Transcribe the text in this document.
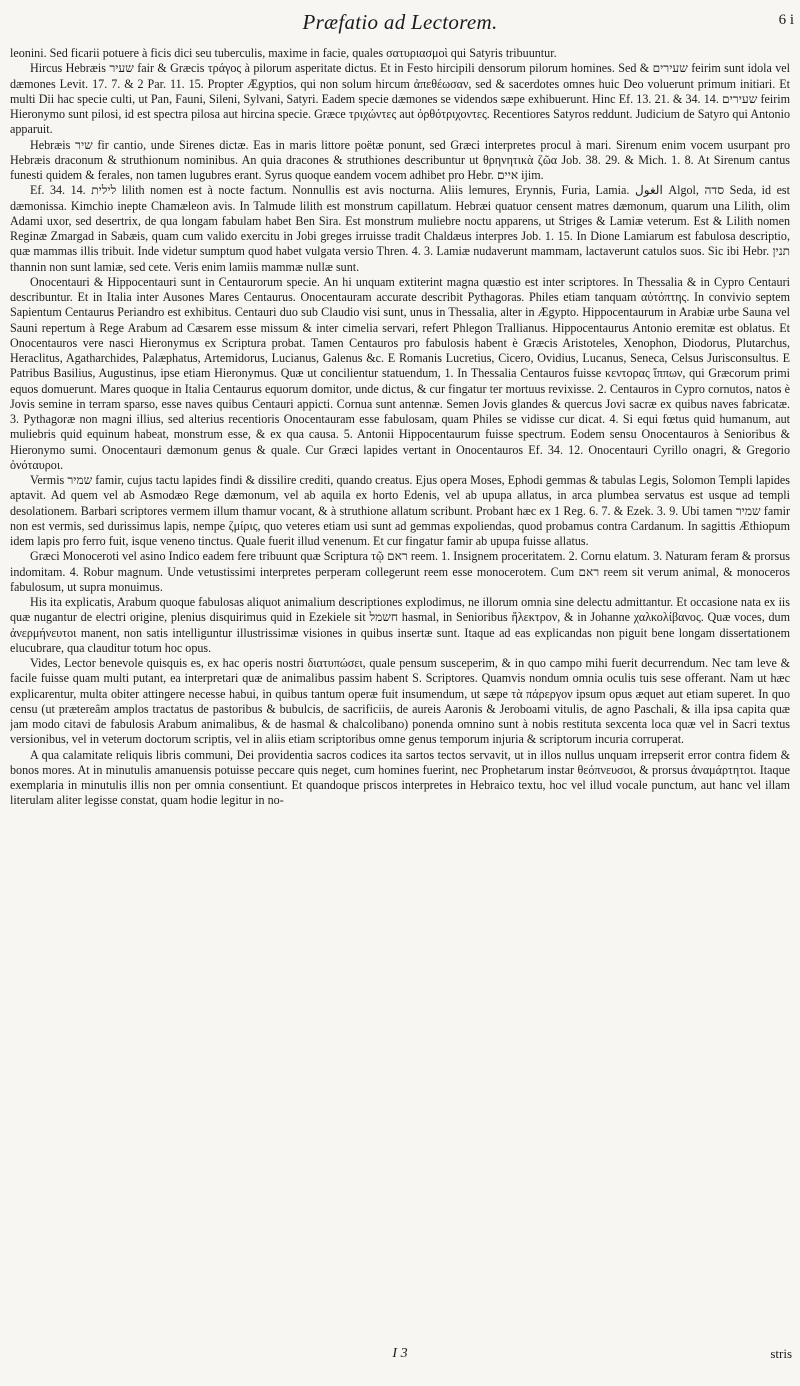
Præfatio ad Lectorem.	6 i

leonini. Sed ficarii potuere à ficis dici seu tuberculis, maxime in facie, quales σατυριασμοὶ qui Satyris tribuuntur.

Hircus Hebræis שעיר fair & Græcis τράγος à pilorum asperitate dictus. Et in Festo hircipili densorum pilorum homines. Sed & שעירים feirim sunt idola vel dæmones Levit. 17. 7. & 2 Par. 11. 15. Propter Ægyptios, qui non solum hircum ἀπεθέωσαν, sed & sacerdotes omnes huic Deo voluerunt primum initiari. Et multi Dii hac specie culti, ut Pan, Fauni, Sileni, Sylvani, Satyri. Eadem specie dæmones se videndos sæpe exhibuerunt. Hinc Ef. 13. 21. & 34. 14. שעירים feirim Hieronymo sunt pilosi, id est spectra pilosa aut hircina specie. Græce τριχώντες aut ὀρθότριχοντες. Recentiores Satyros reddunt. Judicium de Satyro qui Antonio apparuit.

Hebræis שיר fir cantio, unde Sirenes dictæ. Eas in maris littore poëtæ ponunt, sed Græci interpretes procul à mari. Sirenum enim vocem usurpant pro Hebræis draconum & struthionum nominibus. An quia dracones & struthiones describuntur ut θρηνητικὰ ζῶα Job. 38. 29. & Mich. 1. 8. At Sirenum cantus funesti quidem & ferales, non tamen lugubres erant. Syrus quoque eandem vocem adhibet pro Hebr. איים ijim.

Ef. 34. 14. לילית lilith nomen est à nocte factum. Nonnullis est avis nocturna. Aliis lemures, Erynnis, Furia, Lamia. الغول Algol, סדה Seda, id est dæmonissa. Kimchio inepte Chamæleon avis. In Talmude lilith est monstrum capillatum. Hebræi quatuor censent matres dæmonum, quarum una Lilith, olim Adami uxor, sed desertrix, de qua longam fabulam habet Ben Sira. Est monstrum muliebre noctu apparens, ut Striges & Lamiæ veterum. Est & Lilith nomen Reginæ Zmargad in Sabæis, quam cum valido exercitu in Jobi greges irruisse tradit Chaldæus interpres Job. 1. 15. In Dione Lamiarum est fabulosa descriptio, quæ mammas illis tribuit. Inde videtur sumptum quod habet vulgata versio Thren. 4. 3. Lamiæ nudaverunt mammam, lactaverunt catulos suos. Sic ibi Hebr. תנין thannin non sunt lamiæ, sed cete. Veris enim lamiis mammæ nullæ sunt.

Onocentauri & Hippocentauri sunt in Centaurorum specie. An hi unquam extiterint magna quæstio est inter scriptores. In Thessalia & in Cypro Centauri describuntur. Et in Italia inter Ausones Mares Centaurus. Onocentauram accurate describit Pythagoras. Philes etiam tanquam αὐτόπτης. In convivio septem Sapientum Centaurus Periandro est exhibitus. Centauri duo sub Claudio visi sunt, unus in Thessalia, alter in Ægypto. Hippocentaurum in Arabiæ urbe Sauna vel Sauni repertum à Rege Arabum ad Cæsarem esse missum & inter cimelia servari, refert Phlegon Trallianus. Hippocentaurus Antonio eremitæ est oblatus. Et Onocentauros vere nasci Hieronymus ex Scriptura probat. Tamen Centauros pro fabulosis habent è Græcis Aristoteles, Xenophon, Diodorus, Plutarchus, Heraclitus, Agatharchides, Palæphatus, Artemidorus, Lucianus, Galenus &c. E Romanis Lucretius, Cicero, Ovidius, Lucanus, Seneca, Celsus Jurisconsultus. E Patribus Basilius, Augustinus, ipse etiam Hieronymus. Quæ ut concilientur statuendum, 1. In Thessalia Centauros fuisse κεντορας ἵππων, qui Græcorum primi equos domuerunt. Mares quoque in Italia Centaurus equorum domitor, unde dictus, & cur fingatur ter mortuus revixisse. 2. Centauros in Cypro cornutos, natos è Jovis semine in terram sparso, esse naves quibus Centauri appicti. Cornua sunt antennæ. Semen Jovis glandes & quercus Jovi sacræ ex quibus naves fabricatæ. 3. Pythagoræ non magni illius, sed alterius recentioris Onocentauram esse fabulosam, quam Philes se vidisse cur dicat. 4. Si equi fœtus quid humanum, aut muliebris quid equinum habeat, monstrum esse, & ex qua causa. 5. Antonii Hippocentaurum fuisse spectrum. Eodem sensu Onocentauros à Senioribus & Hieronymo sumi. Onocentauri dæmonum genus & quale. Cur Græci lapides vertant in Onocentauros Ef. 34. 12. Onocentauri Cyrillo onagri, & Gregorio ὀνόταυροι.

Vermis שמיר famir, cujus tactu lapides findi & dissilire crediti, quando creatus. Ejus opera Moses, Ephodi gemmas & tabulas Legis, Solomon Templi lapides aptavit. Ad quem vel ab Asmodæo Rege dæmonum, vel ab aquila ex horto Edenis, vel ab upupa allatus, in arca plumbea servatus est usque ad templi desolationem. Barbari scriptores vermem illum thamur vocant, & à struthione allatum scribunt. Probant hæc ex 1 Reg. 6. 7. & Ezek. 3. 9. Ubi tamen שמיר famir non est vermis, sed durissimus lapis, nempe ζμίρις, quo veteres etiam usi sunt ad gemmas expoliendas, quod probamus contra Cardanum. In sagittis Æthiopum idem lapis pro ferro fuit, isque veneno tinctus. Quale fuerit illud venenum. Et cur fingatur famir ab upupa fuisse allatus.

Græci Monoceroti vel asino Indico eadem fere tribuunt quæ Scriptura τῷ ראם reem. 1. Insignem proceritatem. 2. Cornu elatum. 3. Naturam feram & prorsus indomitam. 4. Robur magnum. Unde vetustissimi interpretes perperam collegerunt reem esse monocerotem. Cum ראם reem sit verum animal, & monoceros fabulosum, ut supra monuimus.

His ita explicatis, Arabum quoque fabulosas aliquot animalium descriptiones explodimus, ne illorum omnia sine delectu admittantur. Et occasione nata ex iis quæ nugantur de electri origine, plenius disquirimus quid in Ezekiele sit חשמל hasmal, in Senioribus ἤλεκτρον, & in Johanne χαλκολίβανος. Quæ voces, dum ἀνερμήνευτοι manent, non satis intelliguntur illustrissimæ visiones in quibus insertæ sunt. Itaque ad eas explicandas non piguit bene longam dissertationem elucubrare, qua clauditur totum hoc opus.

Vides, Lector benevole quisquis es, ex hac operis nostri διατυπώσει, quale pensum susceperim, & in quo campo mihi fuerit decurrendum. Nec tam leve & facile fuisse quam multi putant, ea interpretari quæ de animalibus passim habent S. Scriptores. Quamvis nondum omnia oculis tuis sese offerant. Nam ut hæc explicarentur, multa obiter attingere necesse habui, in quibus tantum operæ fuit insumendum, ut sæpe τὰ πάρεργον ipsum opus æquet aut etiam superet. In quo censu (ut prætereâm amplos tractatus de pastoribus & bubulcis, de sacrificiis, de aureis Aaronis & Jeroboami vitulis, de agno Paschali, & illa ipsa capita quæ jam modo citavi de fabulosis Arabum animalibus, & de hasmal & chalcolibano) ponenda omnino sunt à nobis restituta sexcenta loca quæ vel in Sacri textus versionibus, vel in veterum doctorum scriptis, vel in aliis etiam scriptoribus omne genus temporum injuria & scriptorum incuria corruperat.

A qua calamitate reliquis libris communi, Dei providentia sacros codices ita sartos tectos servavit, ut in illos nullus unquam irrepserit error contra fidem & bonos mores. At in minutulis amanuensis potuisse peccare quis neget, cum homines fuerint, nec Prophetarum instar θεόπνευσοι, & prorsus ἀναμάρτητοι. Itaque exemplaria in minutulis illis non per omnia consentiunt. Et quandoque priscos interpretes in Hebraico textu, hoc vel illud vocale punctum, aut hanc vel illam literulam aliter legisse constat, quam hodie legitur in no-

I 3	stris
